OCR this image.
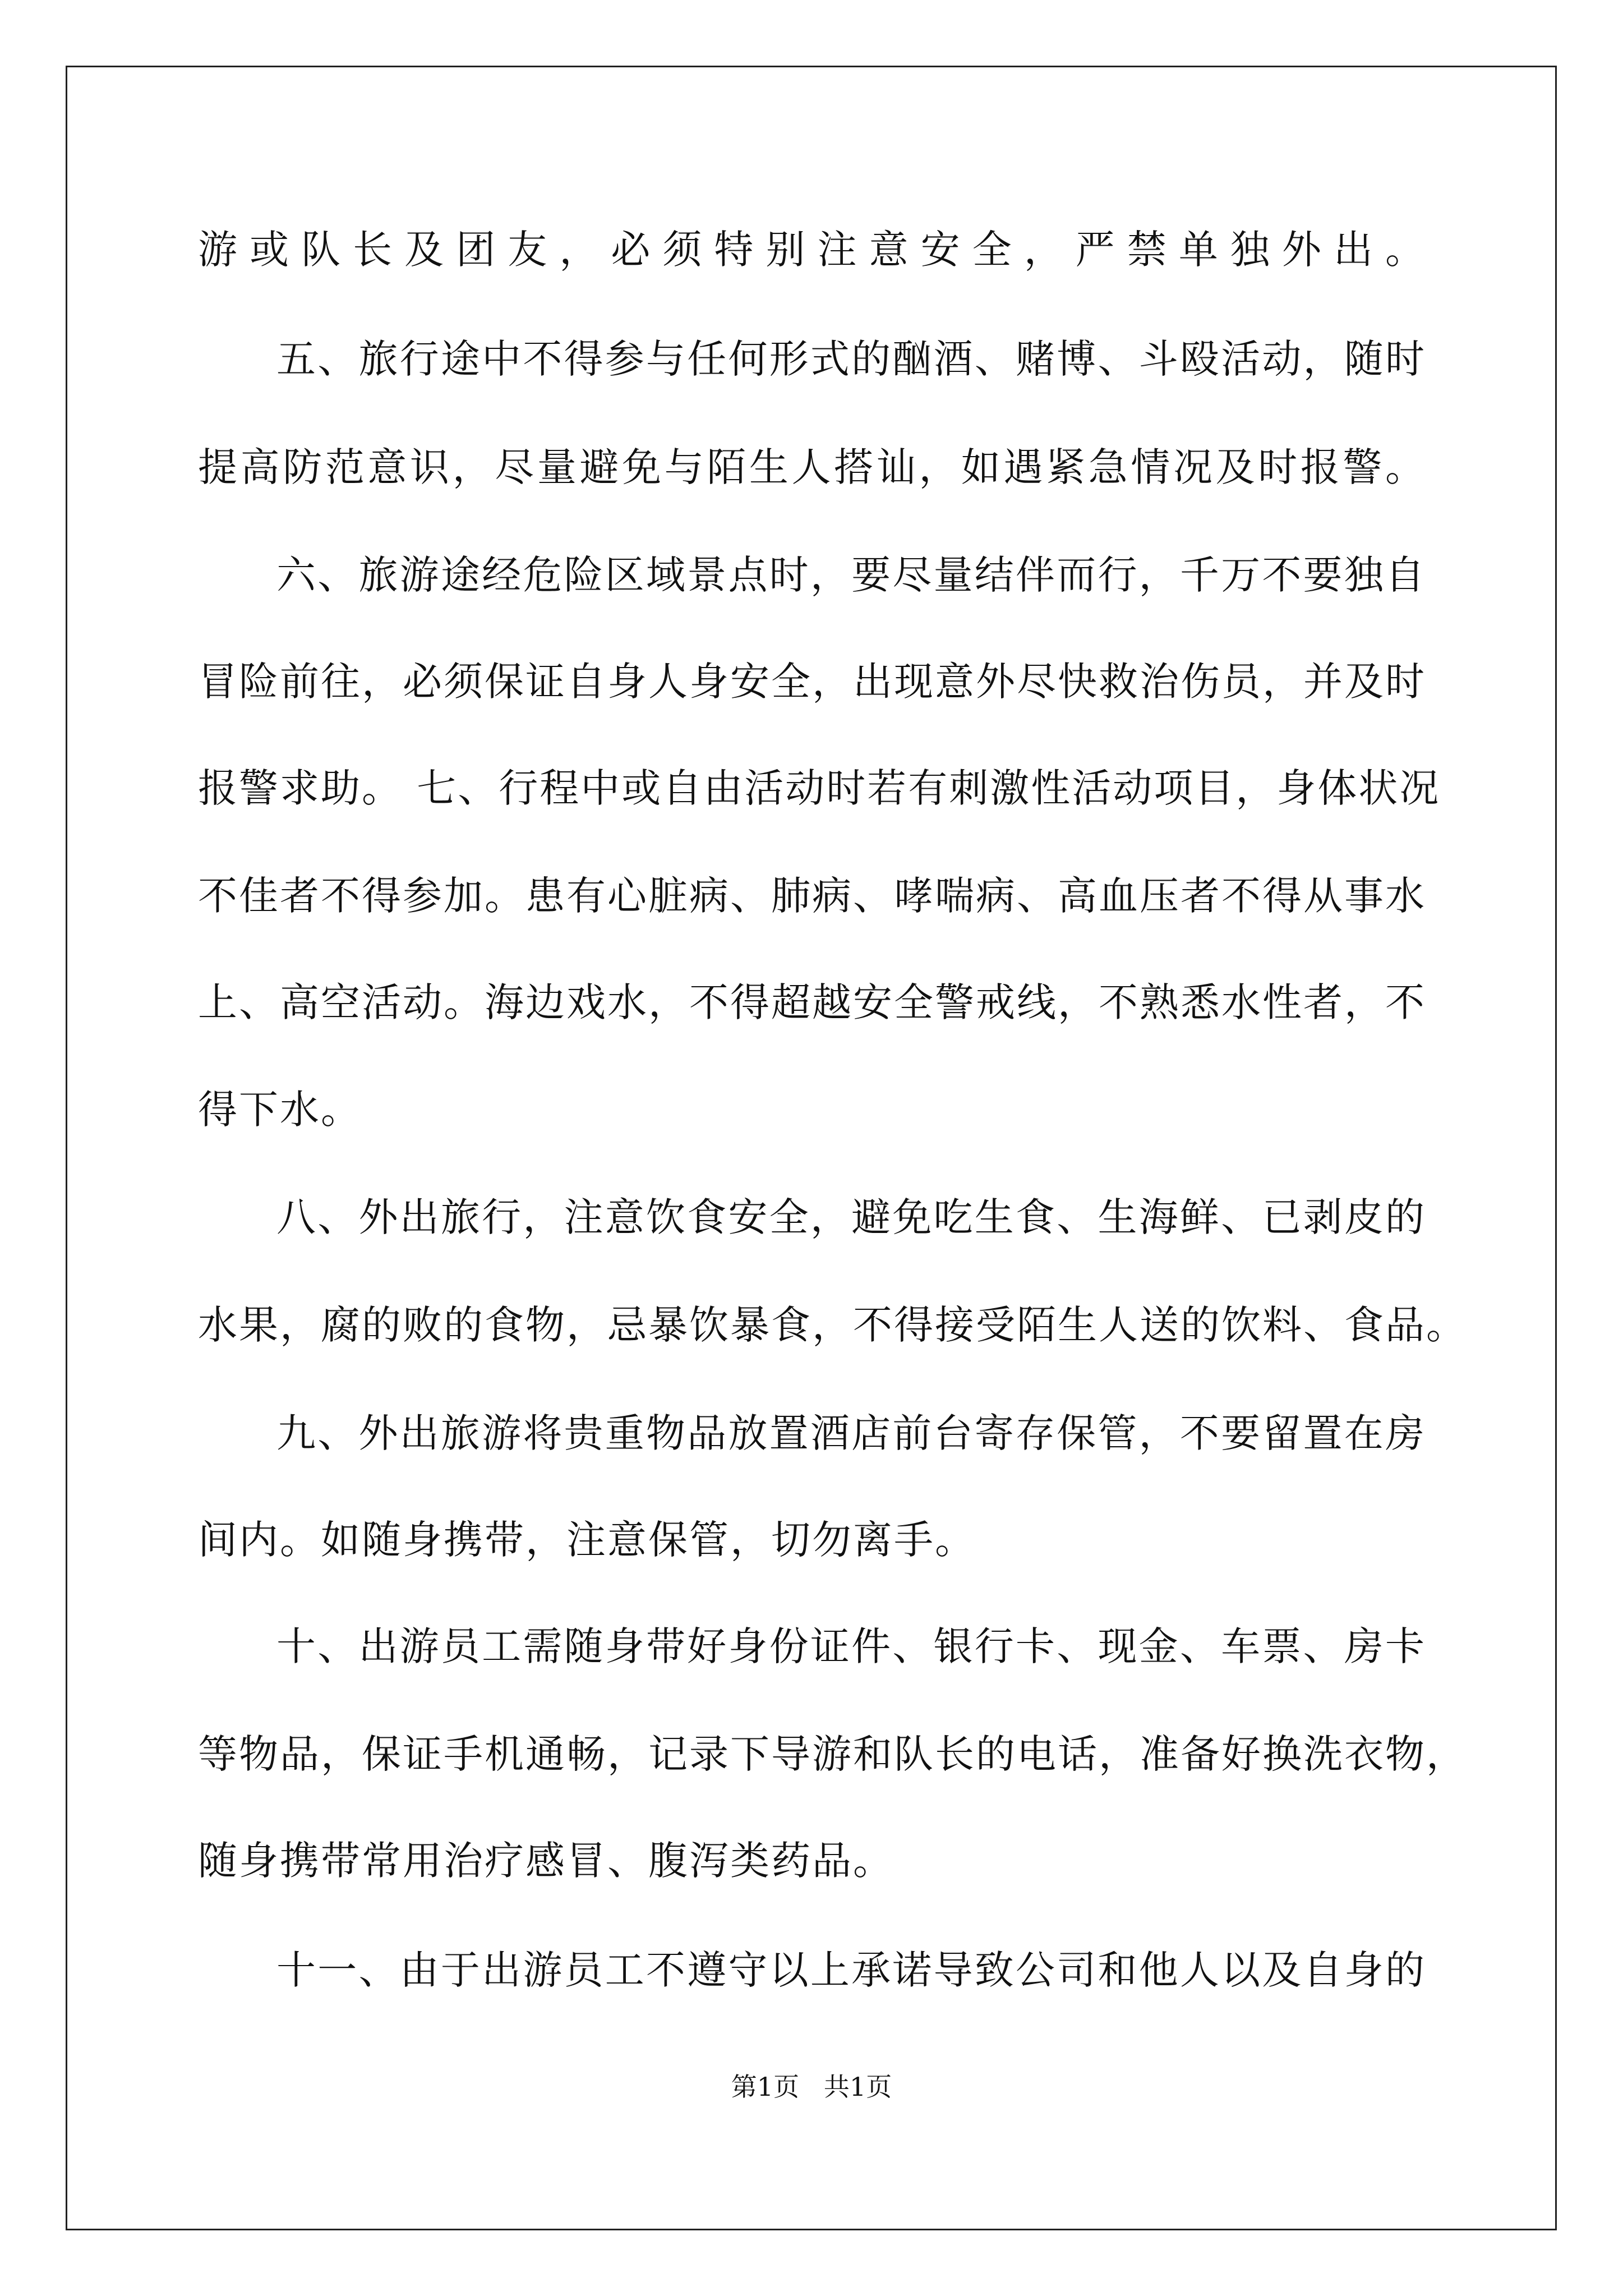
游或队长及团友，必须特别注意安全，严禁单独外出。
五、旅行途中不得参与任何形式的酗酒、赌博、斗殴活动，随时
提高防范意识，尽量避免与陌生人搭讪，如遇紧急情况及时报警。
六、旅游途经危险区域景点时，要尽量结伴而行，千万不要独自
冒险前往，必须保证自身人身安全，出现意外尽快救治伤员，并及时
报警求助。 七、行程中或自由活动时若有刺激性活动项目，身体状况
不佳者不得参加。患有心脏病、肺病、哮喘病、高血压者不得从事水
上、高空活动。海边戏水，不得超越安全警戒线，不熟悉水性者，不
得下水。
八、外出旅行，注意饮食安全，避免吃生食、生海鲜、已剥皮的
水果，腐的败的食物，忌暴饮暴食，不得接受陌生人送的饮料、食品。
九、外出旅游将贵重物品放置酒店前台寄存保管，不要留置在房
间内。如随身携带，注意保管，切勿离手。
十、出游员工需随身带好身份证件、银行卡、现金、车票、房卡
等物品，保证手机通畅，记录下导游和队长的电话，准备好换洗衣物，
随身携带常用治疗感冒、腹泻类药品。
十一、由于出游员工不遵守以上承诺导致公司和他人以及自身的
第1页   共1页
